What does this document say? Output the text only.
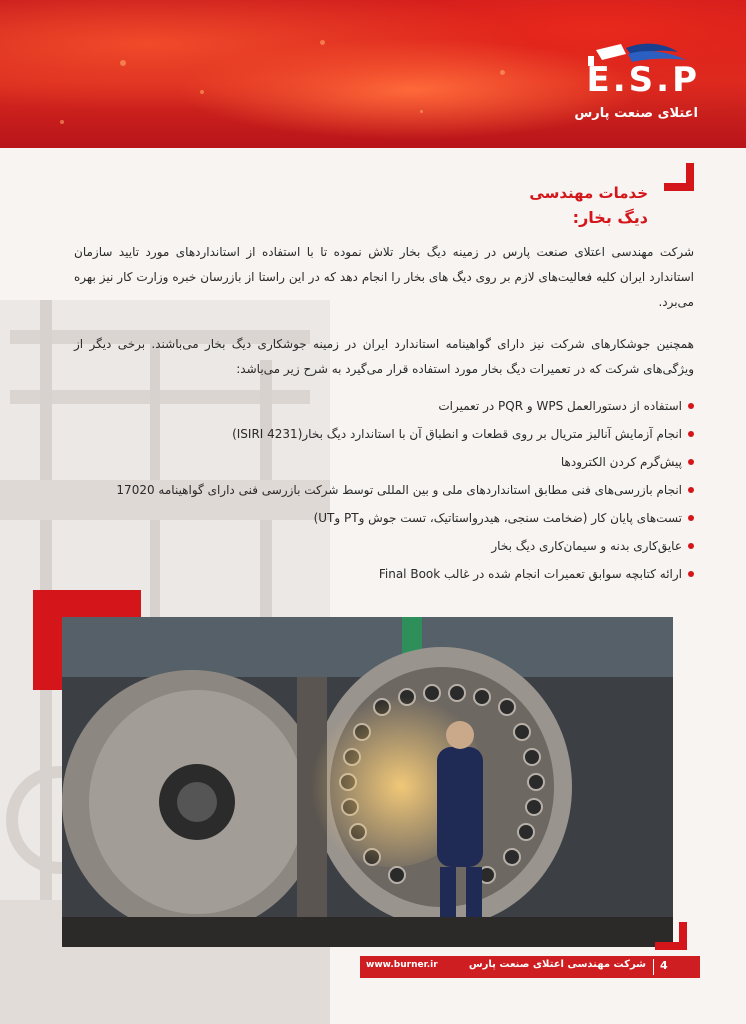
E.S.P
اعتلای صنعت پارس
خدمات مهندسی
دیگ بخار:
شرکت مهندسی اعتلای صنعت پارس در زمینه دیگ بخار تلاش نموده تا با استفاده از استانداردهای مورد تایید سازمان استاندارد ایران کلیه فعالیت‌های لازم بر روی دیگ های بخار را انجام دهد که در این راستا از بازرسان خبره وزارت کار نیز بهره می‌برد.
همچنین جوشکارهای شرکت نیز دارای گواهینامه استاندارد ایران در زمینه جوشکاری دیگ بخار می‌باشند. برخی دیگر از ویژگی‌های شرکت که در تعمیرات دیگ بخار مورد استفاده قرار می‌گیرد به شرح زیر می‌باشد:
استفاده از دستورالعمل WPS و PQR در تعمیرات
انجام آزمایش آنالیز متریال بر روی قطعات و انطباق آن با استاندارد دیگ بخار(ISIRI 4231)
پیش‌گرم کردن الکترودها
انجام بازرسی‌های فنی مطابق استانداردهای ملی و بین المللی توسط شرکت بازرسی فنی دارای گواهینامه 17020
تست‌های پایان کار (ضخامت سنجی، هیدرواستاتیک، تست جوش وPT وUT)
عایق‌کاری بدنه و سیمان‌کاری دیگ بخار
ارائه کتابچه سوابق تعمیرات انجام شده در غالب Final Book
www.burner.ir	شرکت مهندسی اعتلای صنعت پارس 4
